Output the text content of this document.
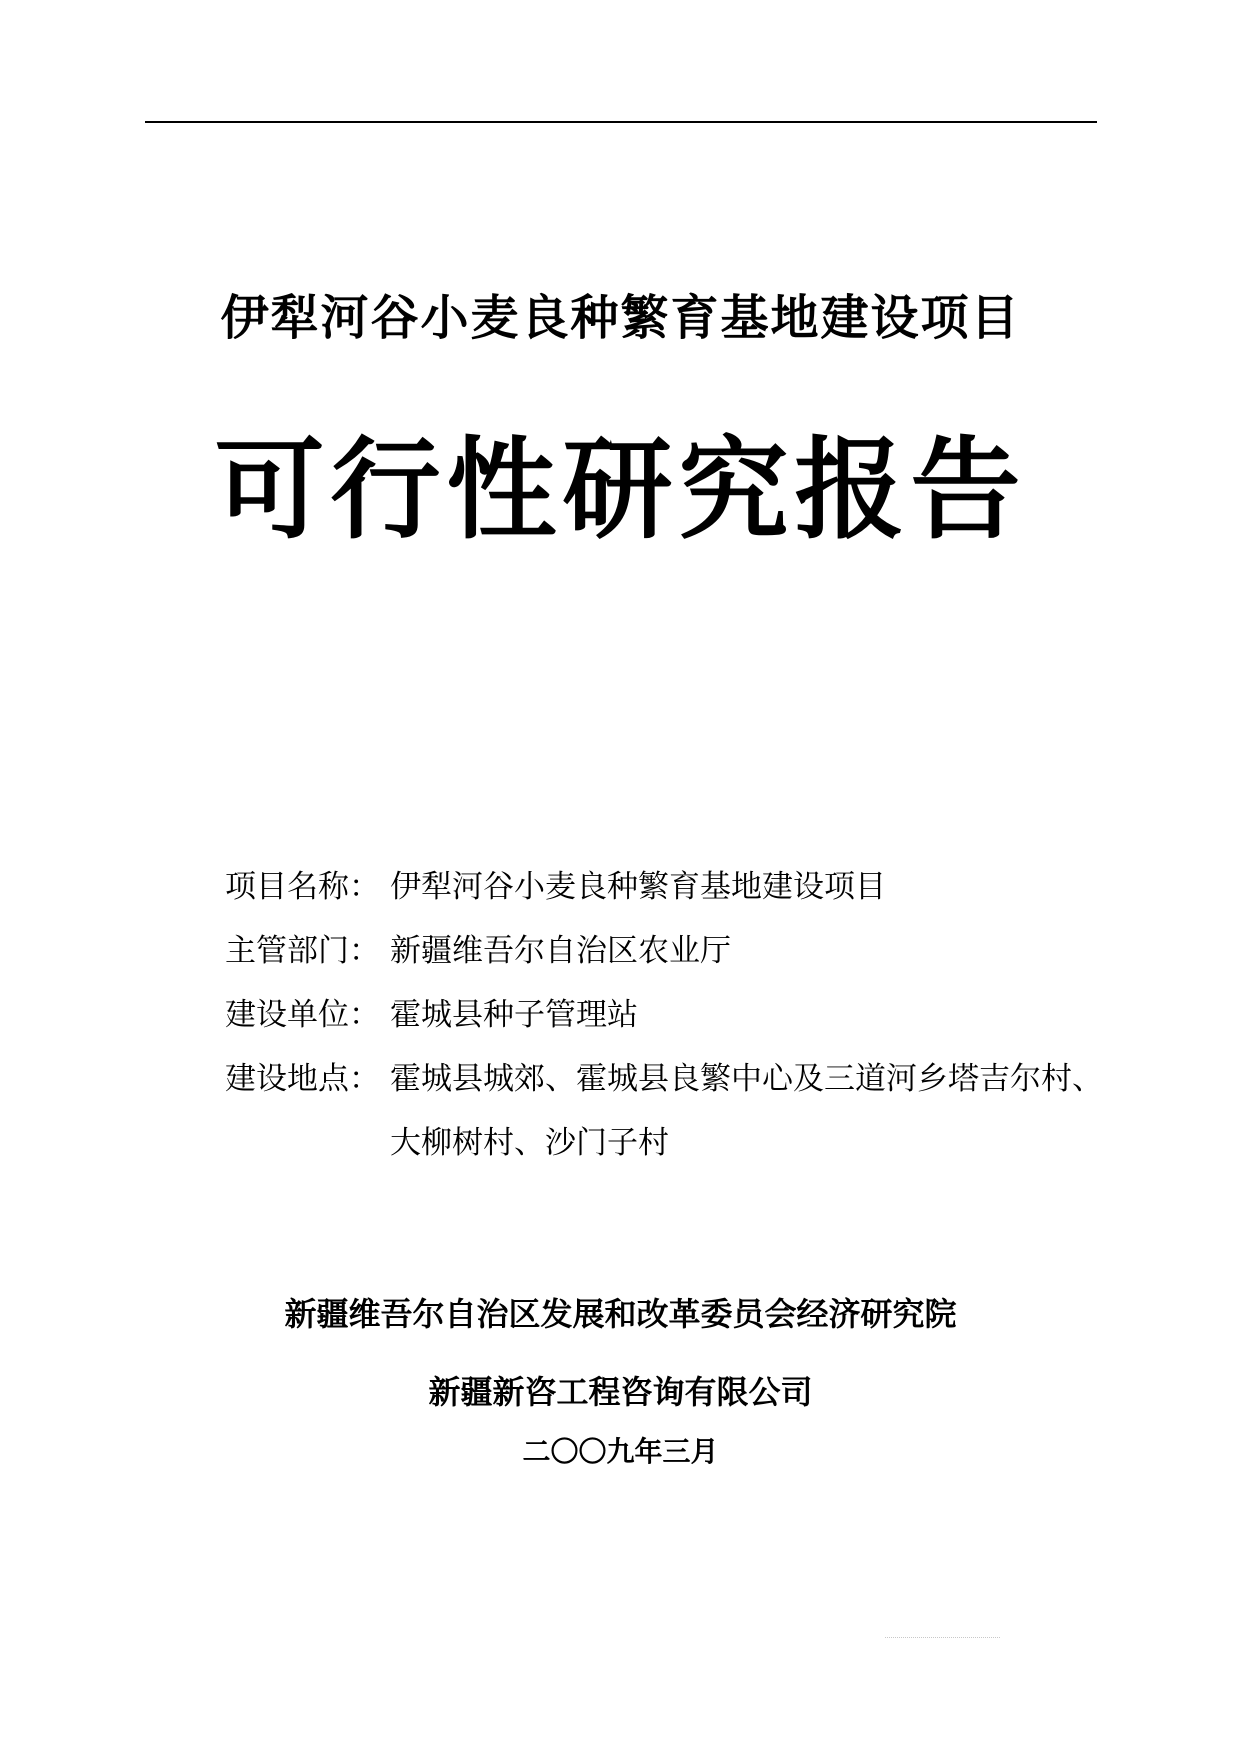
伊犁河谷小麦良种繁育基地建设项目
可行性研究报告
项目名称： 伊犁河谷小麦良种繁育基地建设项目
主管部门： 新疆维吾尔自治区农业厅
建设单位： 霍城县种子管理站
建设地点： 霍城县城郊、霍城县良繁中心及三道河乡塔吉尔村、大柳树村、沙门子村
新疆维吾尔自治区发展和改革委员会经济研究院
新疆新咨工程咨询有限公司
二〇〇九年三月
